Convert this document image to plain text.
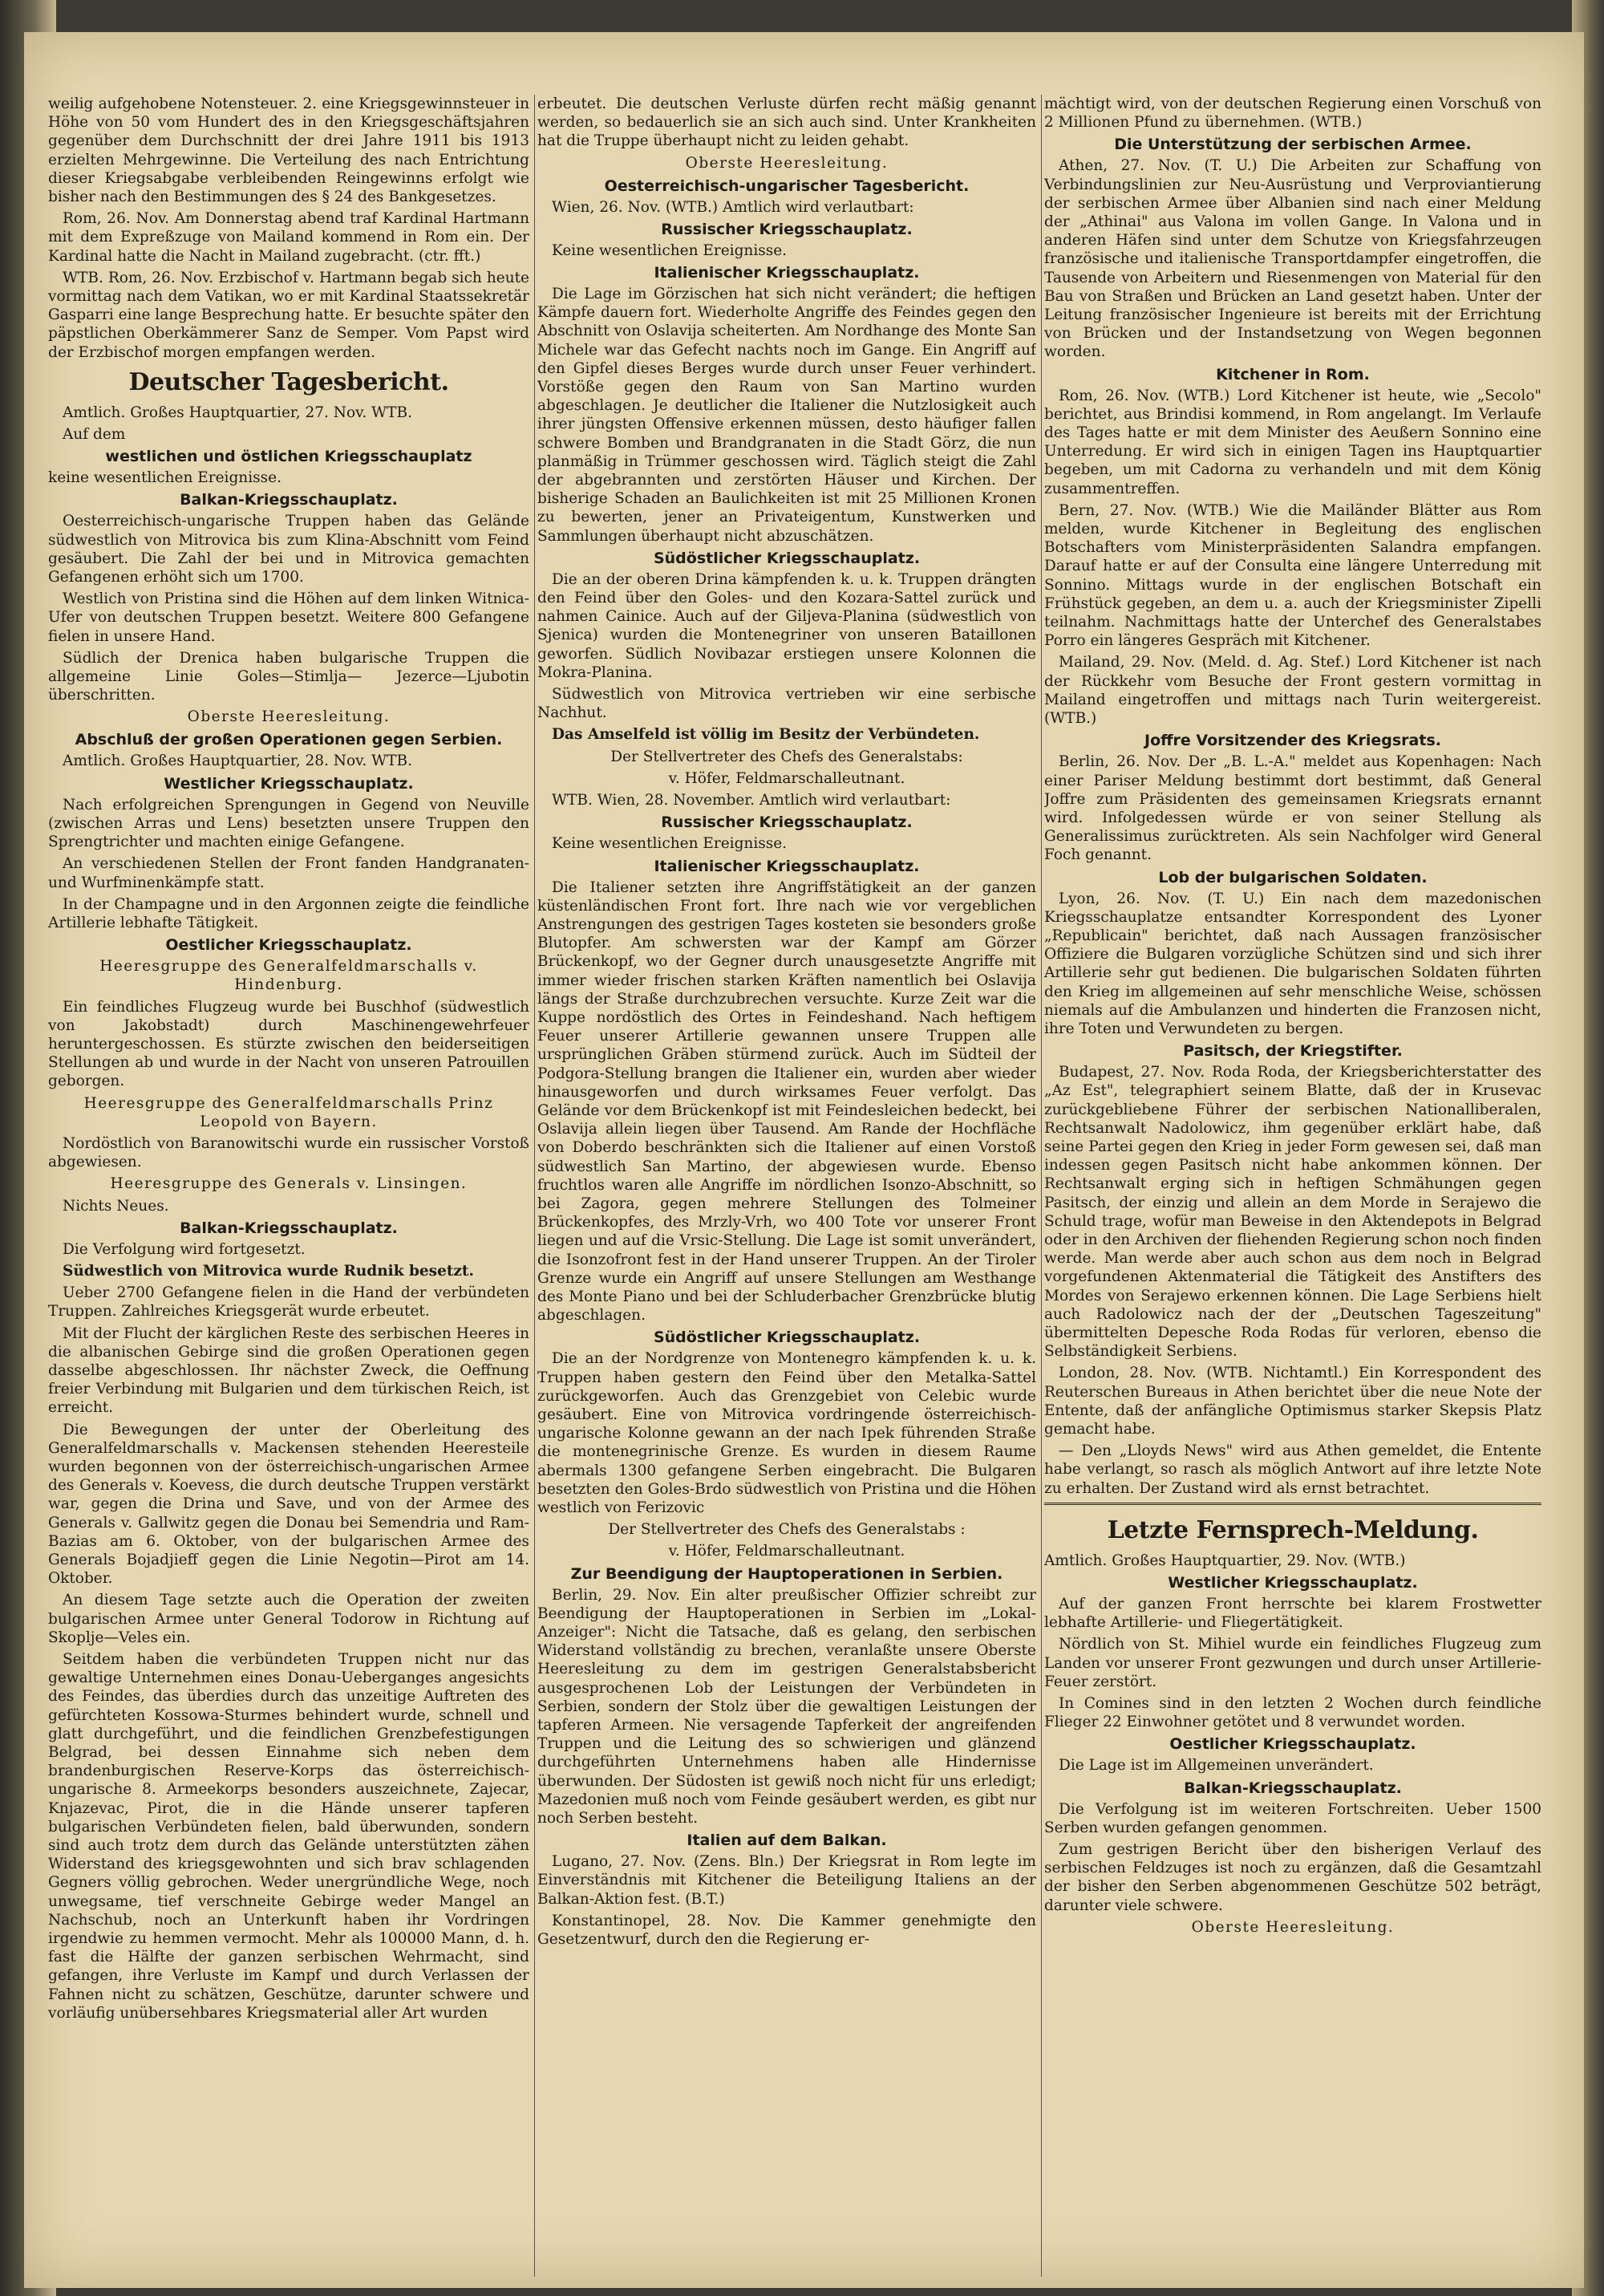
weilig aufgehobene Notensteuer. 2. eine Kriegsgewinnsteuer in Höhe von 50 vom Hundert des in den Kriegsgeschäftsjahren gegenüber dem Durchschnitt der drei Jahre 1911 bis 1913 erzielten Mehrgewinne. Die Verteilung des nach Entrichtung dieser Kriegsabgabe verbleibenden Reingewinns erfolgt wie bisher nach den Bestimmungen des § 24 des Bankgesetzes.

Rom, 26. Nov. Am Donnerstag abend traf Kardinal Hartmann mit dem Expreßzuge von Mailand kommend in Rom ein. Der Kardinal hatte die Nacht in Mailand zugebracht. (ctr. fft.)

WTB. Rom, 26. Nov. Erzbischof v. Hartmann begab sich heute vormittag nach dem Vatikan, wo er mit Kardinal Staatssekretär Gasparri eine lange Besprechung hatte. Er besuchte später den päpstlichen Oberkämmerer Sanz de Semper. Vom Papst wird der Erzbischof morgen empfangen werden.

Deutscher Tagesbericht.

Amtlich. Großes Hauptquartier, 27. Nov. WTB.

Auf dem

westlichen und östlichen Kriegsschauplatz

keine wesentlichen Ereignisse.

Balkan-Kriegsschauplatz.

Oesterreichisch-ungarische Truppen haben das Gelände südwestlich von Mitrovica bis zum Klina-Abschnitt vom Feind gesäubert. Die Zahl der bei und in Mitrovica gemachten Gefangenen erhöht sich um 1700.

Westlich von Pristina sind die Höhen auf dem linken Witnica-Ufer von deutschen Truppen besetzt. Weitere 800 Gefangene fielen in unsere Hand.

Südlich der Drenica haben bulgarische Truppen die allgemeine Linie Goles—Stimlja— Jezerce—Ljubotin überschritten.

Oberste Heeresleitung.
Abschluß der großen Operationen gegen Serbien.

Amtlich. Großes Hauptquartier, 28. Nov. WTB.

Westlicher Kriegsschauplatz.

Nach erfolgreichen Sprengungen in Gegend von Neuville (zwischen Arras und Lens) besetzten unsere Truppen den Sprengtrichter und machten einige Gefangene.

An verschiedenen Stellen der Front fanden Handgranaten- und Wurfminenkämpfe statt.

In der Champagne und in den Argonnen zeigte die feindliche Artillerie lebhafte Tätigkeit.

Oestlicher Kriegsschauplatz.

Heeresgruppe des Generalfeldmarschalls v. Hindenburg.

Ein feindliches Flugzeug wurde bei Buschhof (südwestlich von Jakobstadt) durch Maschinengewehrfeuer heruntergeschossen. Es stürzte zwischen den beiderseitigen Stellungen ab und wurde in der Nacht von unseren Patrouillen geborgen.

Heeresgruppe des Generalfeldmarschalls Prinz Leopold von Bayern.

Nordöstlich von Baranowitschi wurde ein russischer Vorstoß abgewiesen.

Heeresgruppe des Generals v. Linsingen.

Nichts Neues.

Balkan-Kriegsschauplatz.

Die Verfolgung wird fortgesetzt.

Südwestlich von Mitrovica wurde Rudnik besetzt.

Ueber 2700 Gefangene fielen in die Hand der verbündeten Truppen. Zahlreiches Kriegsgerät wurde erbeutet.

Mit der Flucht der kärglichen Reste des serbischen Heeres in die albanischen Gebirge sind die großen Operationen gegen dasselbe abgeschlossen. Ihr nächster Zweck, die Oeffnung freier Verbindung mit Bulgarien und dem türkischen Reich, ist erreicht.

Die Bewegungen der unter der Oberleitung des Generalfeldmarschalls v. Mackensen stehenden Heeresteile wurden begonnen von der österreichisch-ungarischen Armee des Generals v. Koevess, die durch deutsche Truppen verstärkt war, gegen die Drina und Save, und von der Armee des Generals v. Gallwitz gegen die Donau bei Semendria und Ram-Bazias am 6. Oktober, von der bulgarischen Armee des Generals Bojadjieff gegen die Linie Negotin—Pirot am 14. Oktober.

An diesem Tage setzte auch die Operation der zweiten bulgarischen Armee unter General Todorow in Richtung auf Skoplje—Veles ein.

Seitdem haben die verbündeten Truppen nicht nur das gewaltige Unternehmen eines Donau-Ueberganges angesichts des Feindes, das überdies durch das unzeitige Auftreten des gefürchteten Kossowa-Sturmes behindert wurde, schnell und glatt durchgeführt, und die feindlichen Grenzbefestigungen Belgrad, bei dessen Einnahme sich neben dem brandenburgischen Reserve-Korps das österreichisch-ungarische 8. Armeekorps besonders auszeichnete, Zajecar, Knjazevac, Pirot, die in die Hände unserer tapferen bulgarischen Verbündeten fielen, bald überwunden, sondern sind auch trotz dem durch das Gelände unterstützten zähen Widerstand des kriegsgewohnten und sich brav schlagenden Gegners völlig gebrochen. Weder unergründliche Wege, noch unwegsame, tief verschneite Gebirge weder Mangel an Nachschub, noch an Unterkunft haben ihr Vordringen irgendwie zu hemmen vermocht. Mehr als 100000 Mann, d. h. fast die Hälfte der ganzen serbischen Wehrmacht, sind gefangen, ihre Verluste im Kampf und durch Verlassen der Fahnen nicht zu schätzen, Geschütze, darunter schwere und vorläufig unübersehbares Kriegsmaterial aller Art wurden

erbeutet. Die deutschen Verluste dürfen recht mäßig genannt werden, so bedauerlich sie an sich auch sind. Unter Krankheiten hat die Truppe überhaupt nicht zu leiden gehabt.

Oberste Heeresleitung.
Oesterreichisch-ungarischer Tagesbericht.

Wien, 26. Nov. (WTB.) Amtlich wird verlautbart:

Russischer Kriegsschauplatz.

Keine wesentlichen Ereignisse.

Italienischer Kriegsschauplatz.

Die Lage im Görzischen hat sich nicht verändert; die heftigen Kämpfe dauern fort. Wiederholte Angriffe des Feindes gegen den Abschnitt von Oslavija scheiterten. Am Nordhange des Monte San Michele war das Gefecht nachts noch im Gange. Ein Angriff auf den Gipfel dieses Berges wurde durch unser Feuer verhindert. Vorstöße gegen den Raum von San Martino wurden abgeschlagen. Je deutlicher die Italiener die Nutzlosigkeit auch ihrer jüngsten Offensive erkennen müssen, desto häufiger fallen schwere Bomben und Brandgranaten in die Stadt Görz, die nun planmäßig in Trümmer geschossen wird. Täglich steigt die Zahl der abgebrannten und zerstörten Häuser und Kirchen. Der bisherige Schaden an Baulichkeiten ist mit 25 Millionen Kronen zu bewerten, jener an Privateigentum, Kunstwerken und Sammlungen überhaupt nicht abzuschätzen.

Südöstlicher Kriegsschauplatz.

Die an der oberen Drina kämpfenden k. u. k. Truppen drängten den Feind über den Goles- und den Kozara-Sattel zurück und nahmen Cainice. Auch auf der Giljeva-Planina (südwestlich von Sjenica) wurden die Montenegriner von unseren Bataillonen geworfen. Südlich Novibazar erstiegen unsere Kolonnen die Mokra-Planina.

Südwestlich von Mitrovica vertrieben wir eine serbische Nachhut.

Das Amselfeld ist völlig im Besitz der Verbündeten.

Der Stellvertreter des Chefs des Generalstabs:

v. Höfer, Feldmarschalleutnant.

WTB. Wien, 28. November. Amtlich wird verlautbart:

Russischer Kriegsschauplatz.

Keine wesentlichen Ereignisse.

Italienischer Kriegsschauplatz.

Die Italiener setzten ihre Angriffstätigkeit an der ganzen küstenländischen Front fort. Ihre nach wie vor vergeblichen Anstrengungen des gestrigen Tages kosteten sie besonders große Blutopfer. Am schwersten war der Kampf am Görzer Brückenkopf, wo der Gegner durch unausgesetzte Angriffe mit immer wieder frischen starken Kräften namentlich bei Oslavija längs der Straße durchzubrechen versuchte. Kurze Zeit war die Kuppe nordöstlich des Ortes in Feindeshand. Nach heftigem Feuer unserer Artillerie gewannen unsere Truppen alle ursprünglichen Gräben stürmend zurück. Auch im Südteil der Podgora-Stellung brangen die Italiener ein, wurden aber wieder hinausgeworfen und durch wirksames Feuer verfolgt. Das Gelände vor dem Brückenkopf ist mit Feindesleichen bedeckt, bei Oslavija allein liegen über Tausend. Am Rande der Hochfläche von Doberdo beschränkten sich die Italiener auf einen Vorstoß südwestlich San Martino, der abgewiesen wurde. Ebenso fruchtlos waren alle Angriffe im nördlichen Isonzo-Abschnitt, so bei Zagora, gegen mehrere Stellungen des Tolmeiner Brückenkopfes, des Mrzly-Vrh, wo 400 Tote vor unserer Front liegen und auf die Vrsic-Stellung. Die Lage ist somit unverändert, die Isonzofront fest in der Hand unserer Truppen. An der Tiroler Grenze wurde ein Angriff auf unsere Stellungen am Westhange des Monte Piano und bei der Schluderbacher Grenzbrücke blutig abgeschlagen.

Südöstlicher Kriegsschauplatz.

Die an der Nordgrenze von Montenegro kämpfenden k. u. k. Truppen haben gestern den Feind über den Metalka-Sattel zurückgeworfen. Auch das Grenzgebiet von Celebic wurde gesäubert. Eine von Mitrovica vordringende österreichisch-ungarische Kolonne gewann an der nach Ipek führenden Straße die montenegrinische Grenze. Es wurden in diesem Raume abermals 1300 gefangene Serben eingebracht. Die Bulgaren besetzten den Goles-Brdo südwestlich von Pristina und die Höhen westlich von Ferizovic

Der Stellvertreter des Chefs des Generalstabs :

v. Höfer, Feldmarschalleutnant.

Zur Beendigung der Hauptoperationen in Serbien.

Berlin, 29. Nov. Ein alter preußischer Offizier schreibt zur Beendigung der Hauptoperationen in Serbien im „Lokal-Anzeiger": Nicht die Tatsache, daß es gelang, den serbischen Widerstand vollständig zu brechen, veranlaßte unsere Oberste Heeresleitung zu dem im gestrigen Generalstabsbericht ausgesprochenen Lob der Leistungen der Verbündeten in Serbien, sondern der Stolz über die gewaltigen Leistungen der tapferen Armeen. Nie versagende Tapferkeit der angreifenden Truppen und die Leitung des so schwierigen und glänzend durchgeführten Unternehmens haben alle Hindernisse überwunden. Der Südosten ist gewiß noch nicht für uns erledigt; Mazedonien muß noch vom Feinde gesäubert werden, es gibt nur noch Serben besteht.

Italien auf dem Balkan.

Lugano, 27. Nov. (Zens. Bln.) Der Kriegsrat in Rom legte im Einverständnis mit Kitchener die Beteiligung Italiens an der Balkan-Aktion fest. (B.T.)

Konstantinopel, 28. Nov. Die Kammer genehmigte den Gesetzentwurf, durch den die Regierung er-

mächtigt wird, von der deutschen Regierung einen Vorschuß von 2 Millionen Pfund zu übernehmen. (WTB.)

Die Unterstützung der serbischen Armee.

Athen, 27. Nov. (T. U.) Die Arbeiten zur Schaffung von Verbindungslinien zur Neu-Ausrüstung und Verproviantierung der serbischen Armee über Albanien sind nach einer Meldung der „Athinai" aus Valona im vollen Gange. In Valona und in anderen Häfen sind unter dem Schutze von Kriegsfahrzeugen französische und italienische Transportdampfer eingetroffen, die Tausende von Arbeitern und Riesenmengen von Material für den Bau von Straßen und Brücken an Land gesetzt haben. Unter der Leitung französischer Ingenieure ist bereits mit der Errichtung von Brücken und der Instandsetzung von Wegen begonnen worden.

Kitchener in Rom.

Rom, 26. Nov. (WTB.) Lord Kitchener ist heute, wie „Secolo" berichtet, aus Brindisi kommend, in Rom angelangt. Im Verlaufe des Tages hatte er mit dem Minister des Aeußern Sonnino eine Unterredung. Er wird sich in einigen Tagen ins Hauptquartier begeben, um mit Cadorna zu verhandeln und mit dem König zusammentreffen.

Bern, 27. Nov. (WTB.) Wie die Mailänder Blätter aus Rom melden, wurde Kitchener in Begleitung des englischen Botschafters vom Ministerpräsidenten Salandra empfangen. Darauf hatte er auf der Consulta eine längere Unterredung mit Sonnino. Mittags wurde in der englischen Botschaft ein Frühstück gegeben, an dem u. a. auch der Kriegsminister Zipelli teilnahm. Nachmittags hatte der Unterchef des Generalstabes Porro ein längeres Gespräch mit Kitchener.

Mailand, 29. Nov. (Meld. d. Ag. Stef.) Lord Kitchener ist nach der Rückkehr vom Besuche der Front gestern vormittag in Mailand eingetroffen und mittags nach Turin weitergereist. (WTB.)

Joffre Vorsitzender des Kriegsrats.

Berlin, 26. Nov. Der „B. L.-A." meldet aus Kopenhagen: Nach einer Pariser Meldung bestimmt dort bestimmt, daß General Joffre zum Präsidenten des gemeinsamen Kriegsrats ernannt wird. Infolgedessen würde er von seiner Stellung als Generalissimus zurücktreten. Als sein Nachfolger wird General Foch genannt.

Lob der bulgarischen Soldaten.

Lyon, 26. Nov. (T. U.) Ein nach dem mazedonischen Kriegsschauplatze entsandter Korrespondent des Lyoner „Republicain" berichtet, daß nach Aussagen französischer Offiziere die Bulgaren vorzügliche Schützen sind und sich ihrer Artillerie sehr gut bedienen. Die bulgarischen Soldaten führten den Krieg im allgemeinen auf sehr menschliche Weise, schössen niemals auf die Ambulanzen und hinderten die Franzosen nicht, ihre Toten und Verwundeten zu bergen.

Pasitsch, der Kriegstifter.

Budapest, 27. Nov. Roda Roda, der Kriegsberichterstatter des „Az Est", telegraphiert seinem Blatte, daß der in Krusevac zurückgebliebene Führer der serbischen Nationalliberalen, Rechtsanwalt Nadolowicz, ihm gegenüber erklärt habe, daß seine Partei gegen den Krieg in jeder Form gewesen sei, daß man indessen gegen Pasitsch nicht habe ankommen können. Der Rechtsanwalt erging sich in heftigen Schmähungen gegen Pasitsch, der einzig und allein an dem Morde in Serajewo die Schuld trage, wofür man Beweise in den Aktendepots in Belgrad oder in den Archiven der fliehenden Regierung schon noch finden werde. Man werde aber auch schon aus dem noch in Belgrad vorgefundenen Aktenmaterial die Tätigkeit des Anstifters des Mordes von Serajewo erkennen können. Die Lage Serbiens hielt auch Radolowicz nach der der „Deutschen Tageszeitung" übermittelten Depesche Roda Rodas für verloren, ebenso die Selbständigkeit Serbiens.

London, 28. Nov. (WTB. Nichtamtl.) Ein Korrespondent des Reuterschen Bureaus in Athen berichtet über die neue Note der Entente, daß der anfängliche Optimismus starker Skepsis Platz gemacht habe.

— Den „Lloyds News" wird aus Athen gemeldet, die Entente habe verlangt, so rasch als möglich Antwort auf ihre letzte Note zu erhalten. Der Zustand wird als ernst betrachtet.

Letzte Fernsprech-Meldung.

Amtlich. Großes Hauptquartier, 29. Nov. (WTB.)

Westlicher Kriegsschauplatz.

Auf der ganzen Front herrschte bei klarem Frostwetter lebhafte Artillerie- und Fliegertätigkeit.

Nördlich von St. Mihiel wurde ein feindliches Flugzeug zum Landen vor unserer Front gezwungen und durch unser Artillerie-Feuer zerstört.

In Comines sind in den letzten 2 Wochen durch feindliche Flieger 22 Einwohner getötet und 8 verwundet worden.

Oestlicher Kriegsschauplatz.

Die Lage ist im Allgemeinen unverändert.

Balkan-Kriegsschauplatz.

Die Verfolgung ist im weiteren Fortschreiten. Ueber 1500 Serben wurden gefangen genommen.

Zum gestrigen Bericht über den bisherigen Verlauf des serbischen Feldzuges ist noch zu ergänzen, daß die Gesamtzahl der bisher den Serben abgenommenen Geschütze 502 beträgt, darunter viele schwere.

Oberste Heeresleitung.
